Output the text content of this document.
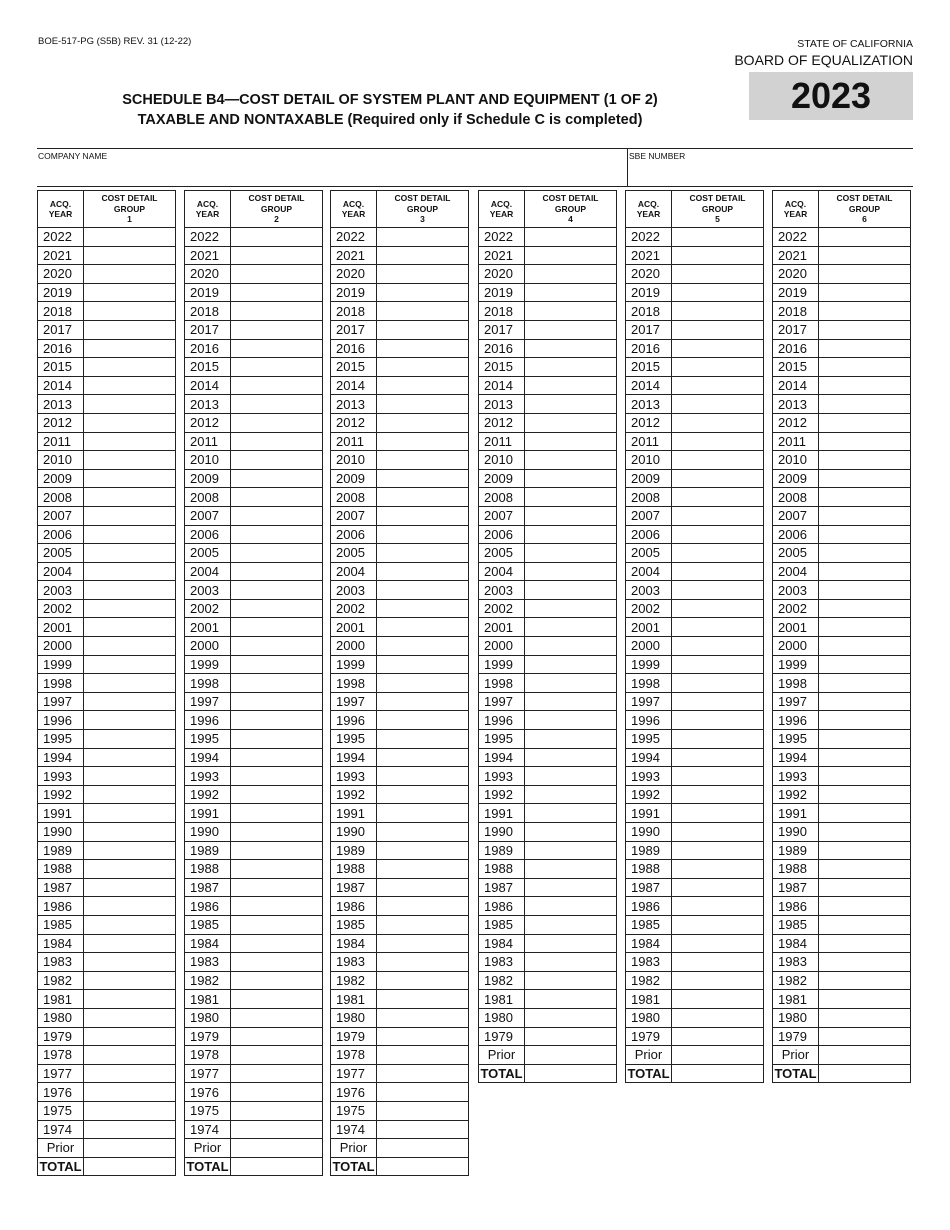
BOE-517-PG (S5B) REV. 31 (12-22)	STATE OF CALIFORNIA
BOARD OF EQUALIZATION
2023
SCHEDULE B4—COST DETAIL OF SYSTEM PLANT AND EQUIPMENT (1 OF 2)
TAXABLE AND NONTAXABLE (Required only if Schedule C is completed)
COMPANY NAME	SBE NUMBER
ACQ.
YEAR	COST DETAIL
GROUP
1
2022	
2021	
2020	
2019	
2018	
2017	
2016	
2015	
2014	
2013	
2012	
2011	
2010	
2009	
2008	
2007	
2006	
2005	
2004	
2003	
2002	
2001	
2000	
1999	
1998	
1997	
1996	
1995	
1994	
1993	
1992	
1991	
1990	
1989	
1988	
1987	
1986	
1985	
1984	
1983	
1982	
1981	
1980	
1979	
1978	
1977	
1976	
1975	
1974	
Prior	
TOTAL	
ACQ.
YEAR	COST DETAIL
GROUP
2
2022	
2021	
2020	
2019	
2018	
2017	
2016	
2015	
2014	
2013	
2012	
2011	
2010	
2009	
2008	
2007	
2006	
2005	
2004	
2003	
2002	
2001	
2000	
1999	
1998	
1997	
1996	
1995	
1994	
1993	
1992	
1991	
1990	
1989	
1988	
1987	
1986	
1985	
1984	
1983	
1982	
1981	
1980	
1979	
1978	
1977	
1976	
1975	
1974	
Prior	
TOTAL	
ACQ.
YEAR	COST DETAIL
GROUP
3
2022	
2021	
2020	
2019	
2018	
2017	
2016	
2015	
2014	
2013	
2012	
2011	
2010	
2009	
2008	
2007	
2006	
2005	
2004	
2003	
2002	
2001	
2000	
1999	
1998	
1997	
1996	
1995	
1994	
1993	
1992	
1991	
1990	
1989	
1988	
1987	
1986	
1985	
1984	
1983	
1982	
1981	
1980	
1979	
1978	
1977	
1976	
1975	
1974	
Prior	
TOTAL	
ACQ.
YEAR	COST DETAIL
GROUP
4
2022	
2021	
2020	
2019	
2018	
2017	
2016	
2015	
2014	
2013	
2012	
2011	
2010	
2009	
2008	
2007	
2006	
2005	
2004	
2003	
2002	
2001	
2000	
1999	
1998	
1997	
1996	
1995	
1994	
1993	
1992	
1991	
1990	
1989	
1988	
1987	
1986	
1985	
1984	
1983	
1982	
1981	
1980	
1979	
Prior	
TOTAL	
ACQ.
YEAR	COST DETAIL
GROUP
5
2022	
2021	
2020	
2019	
2018	
2017	
2016	
2015	
2014	
2013	
2012	
2011	
2010	
2009	
2008	
2007	
2006	
2005	
2004	
2003	
2002	
2001	
2000	
1999	
1998	
1997	
1996	
1995	
1994	
1993	
1992	
1991	
1990	
1989	
1988	
1987	
1986	
1985	
1984	
1983	
1982	
1981	
1980	
1979	
Prior	
TOTAL	
ACQ.
YEAR	COST DETAIL
GROUP
6
2022	
2021	
2020	
2019	
2018	
2017	
2016	
2015	
2014	
2013	
2012	
2011	
2010	
2009	
2008	
2007	
2006	
2005	
2004	
2003	
2002	
2001	
2000	
1999	
1998	
1997	
1996	
1995	
1994	
1993	
1992	
1991	
1990	
1989	
1988	
1987	
1986	
1985	
1984	
1983	
1982	
1981	
1980	
1979	
Prior	
TOTAL	
